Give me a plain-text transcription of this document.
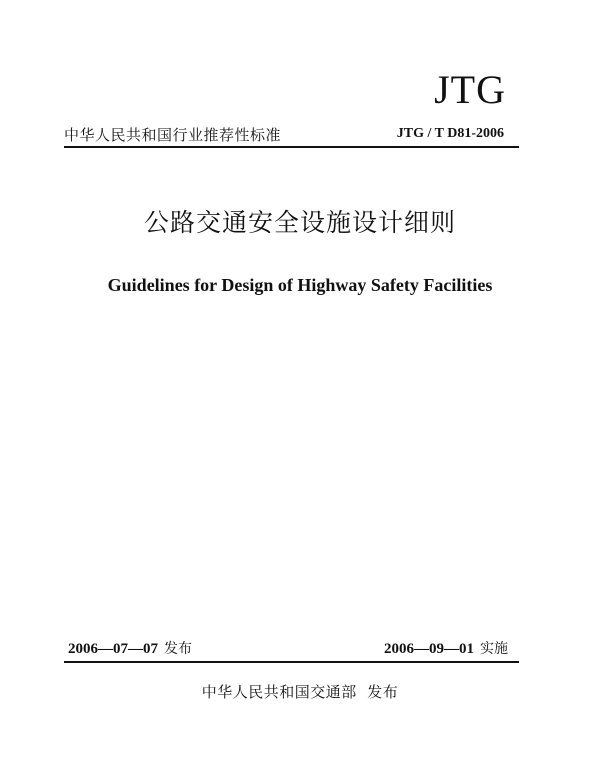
JTG
中华人民共和国行业推荐性标准	JTG / T D81-2006
公路交通安全设施设计细则
Guidelines for Design of Highway Safety Facilities
2006—07—07 发布	2006—09—01 实施
中华人民共和国交通部  发布
